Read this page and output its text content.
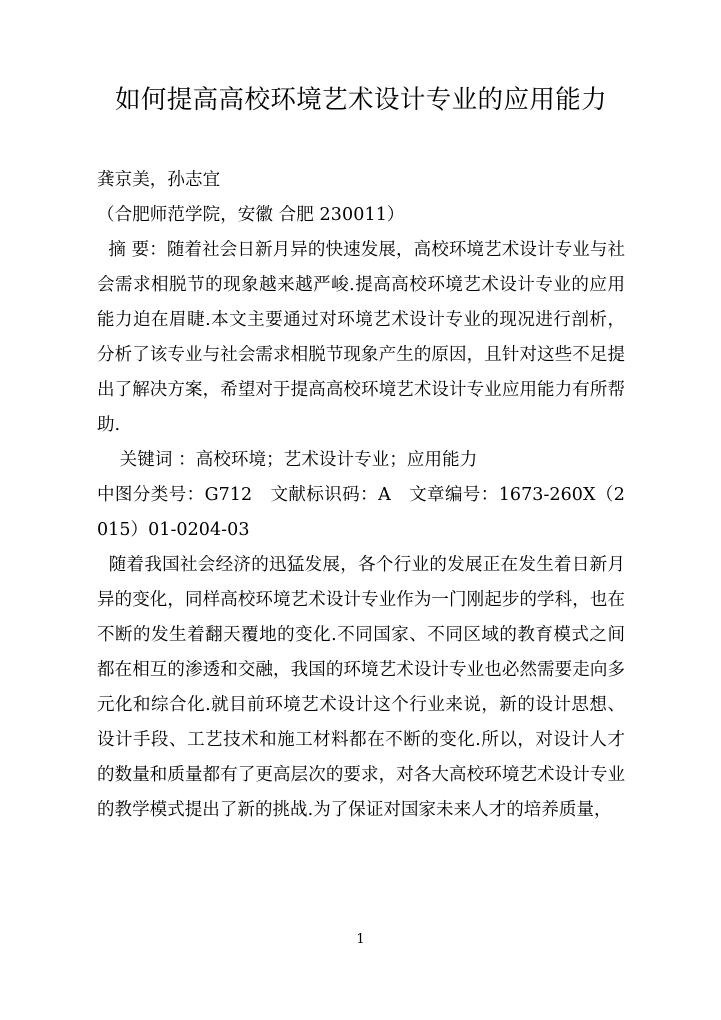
如何提高高校环境艺术设计专业的应用能力
龚京美，孙志宜
（合肥师范学院，安徽 合肥 230011）
摘 要：随着社会日新月异的快速发展，高校环境艺术设计专业与社会需求相脱节的现象越来越严峻.提高高校环境艺术设计专业的应用能力迫在眉睫.本文主要通过对环境艺术设计专业的现况进行剖析，分析了该专业与社会需求相脱节现象产生的原因，且针对这些不足提出了解决方案，希望对于提高高校环境艺术设计专业应用能力有所帮助.
关键词 ：高校环境；艺术设计专业；应用能力
中图分类号：G712　文献标识码：A　文章编号：1673-260X（2015）01-0204-03
随着我国社会经济的迅猛发展，各个行业的发展正在发生着日新月异的变化，同样高校环境艺术设计专业作为一门刚起步的学科，也在不断的发生着翻天覆地的变化.不同国家、不同区域的教育模式之间都在相互的渗透和交融，我国的环境艺术设计专业也必然需要走向多元化和综合化.就目前环境艺术设计这个行业来说，新的设计思想、设计手段、工艺技术和施工材料都在不断的变化.所以，对设计人才的数量和质量都有了更高层次的要求，对各大高校环境艺术设计专业的教学模式提出了新的挑战.为了保证对国家未来人才的培养质量，
1
